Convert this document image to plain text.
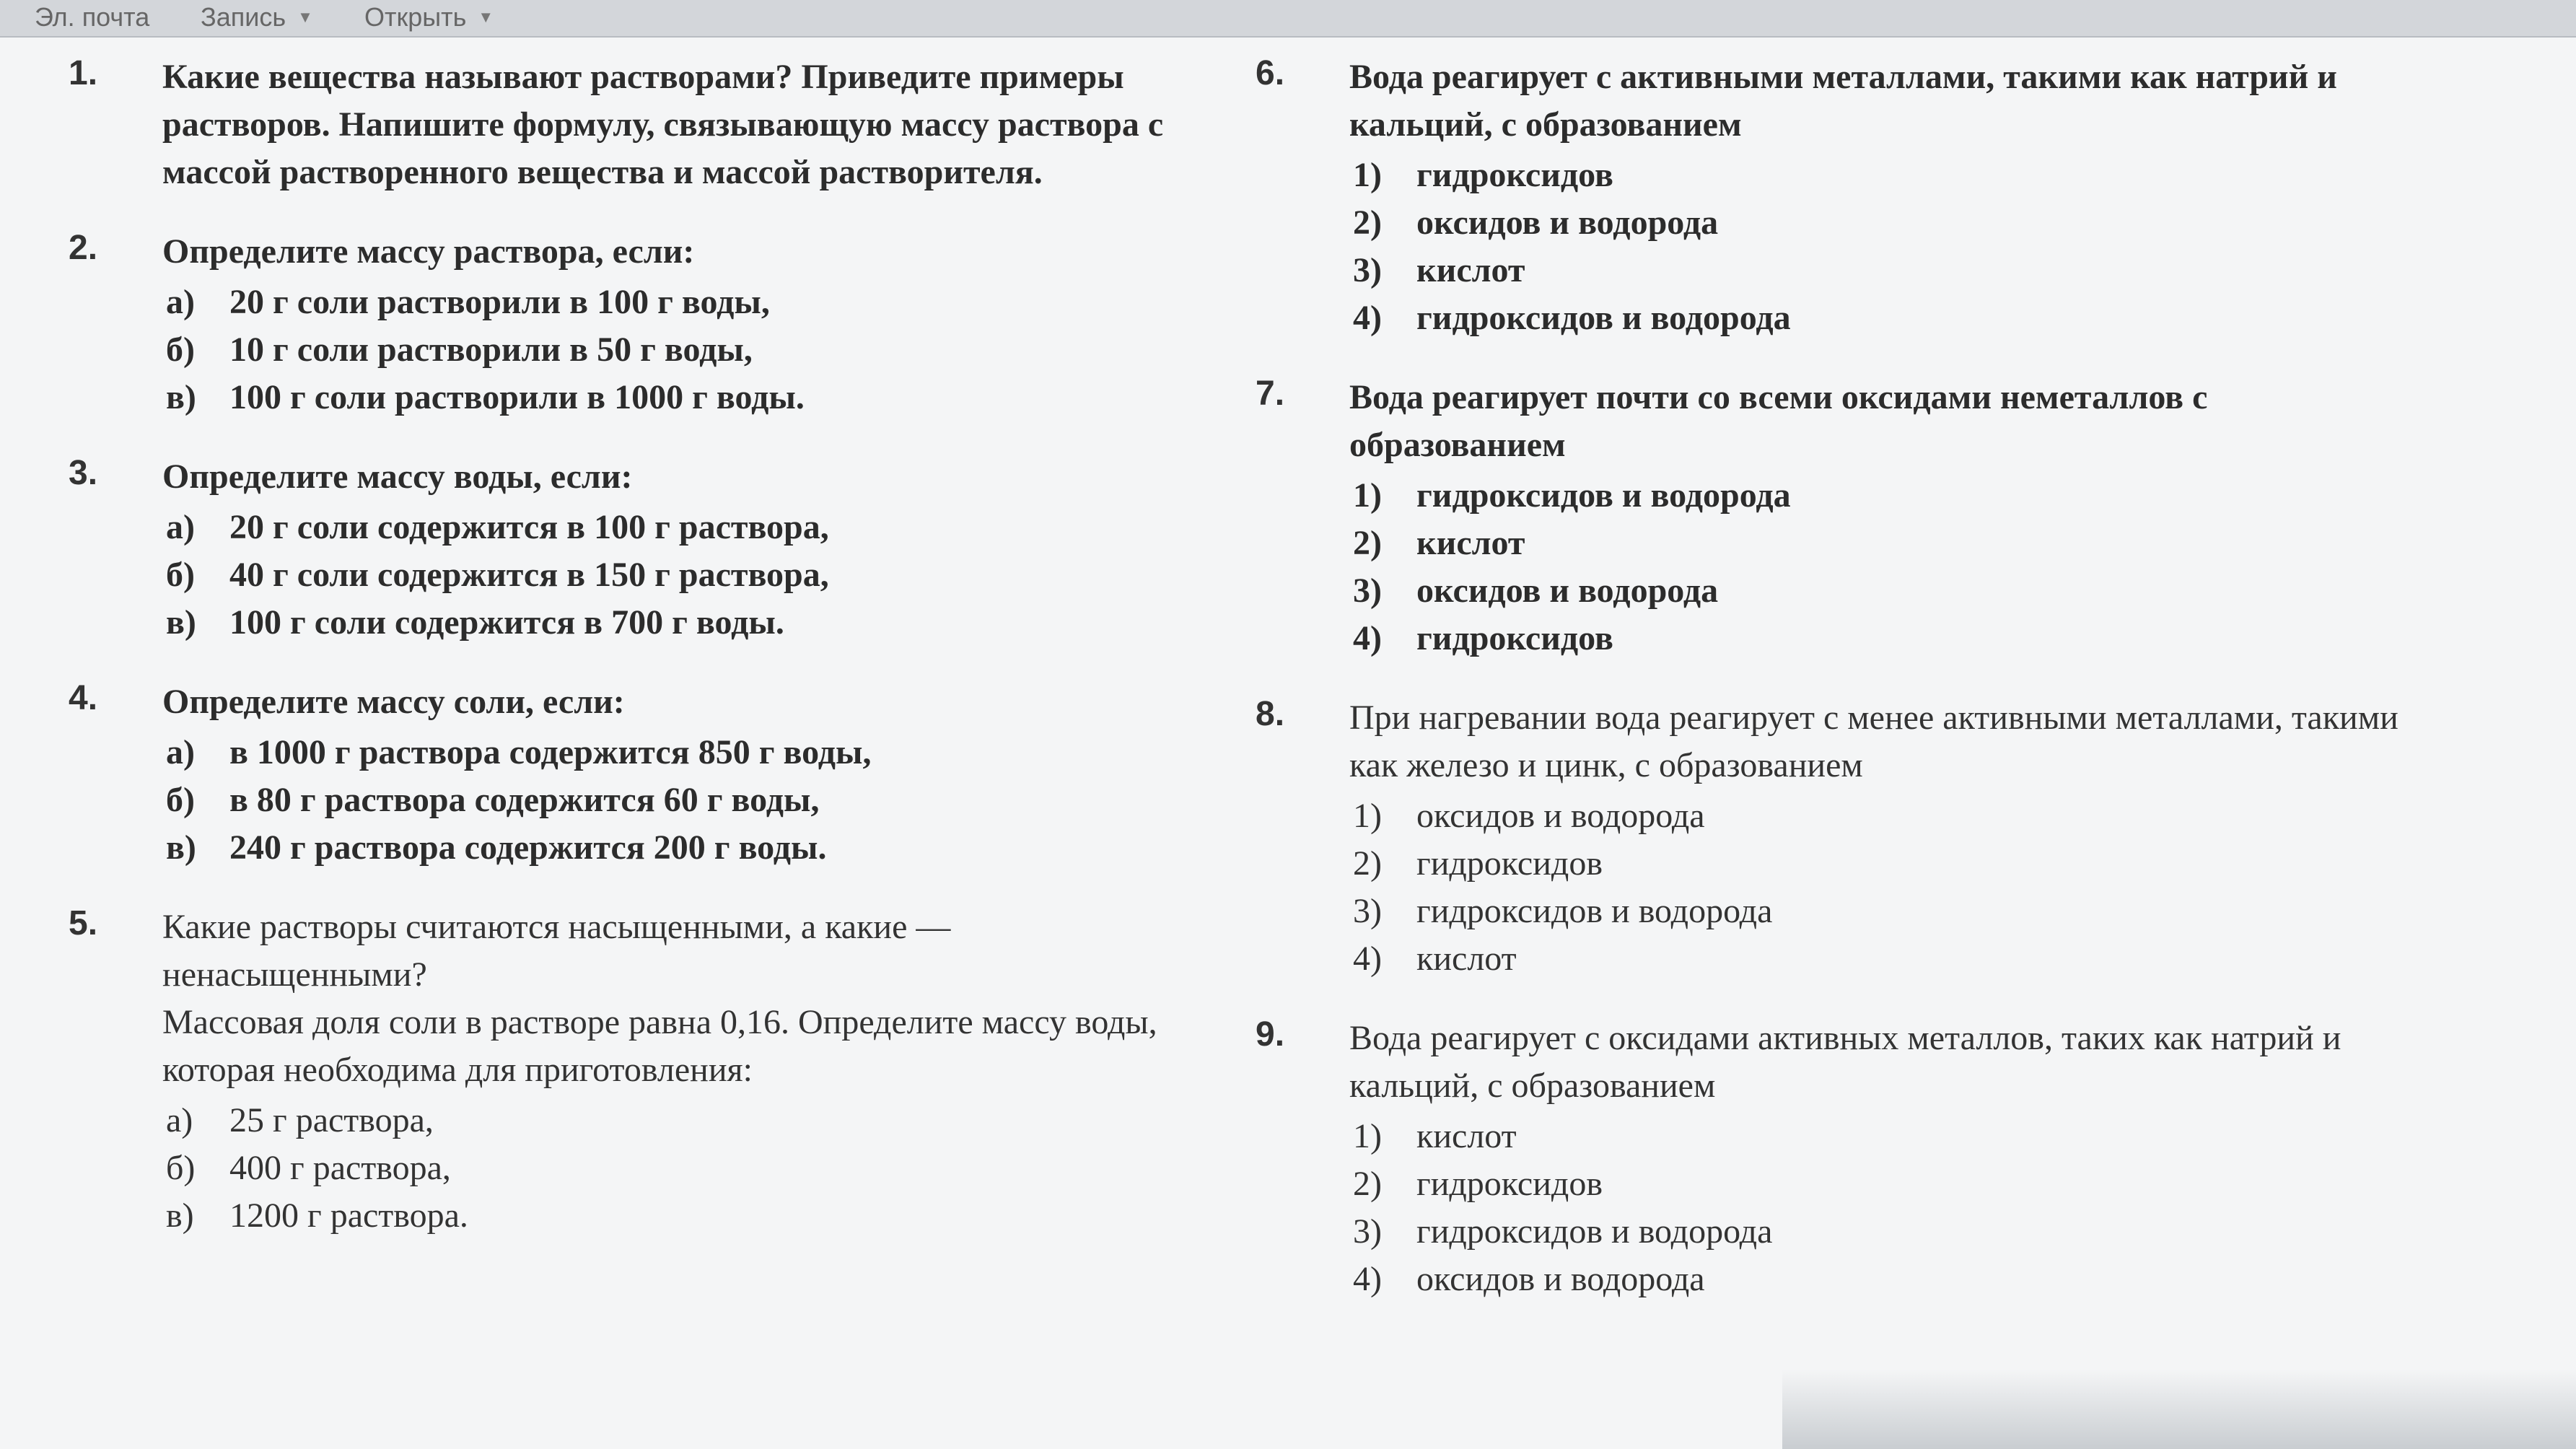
Эл. почта Запись ▼ Открыть ▼
1. Какие вещества называют растворами? Приведите примеры растворов. Напишите формулу, связывающую массу раствора с массой растворенного вещества и массой растворителя.
2. Определите массу раствора, если:
а)	20 г соли растворили в 100 г воды,
б)	10 г соли растворили в 50 г воды,
в) 100 г соли растворили в 1000 г воды.
3. Определите массу воды, если:
а)	20 г соли содержится в 100 г раствора,
б)	40 г соли содержится в 150 г раствора,
в) 100 г соли содержится в 700 г воды.
4. Определите массу соли, если:
а)	в 1000 г раствора содержится 850 г воды,
б)	в 80 г раствора содержится 60 г воды,
в) 240 г раствора содержится 200 г воды.
5. Какие растворы считаются насыщенными, а какие — ненасыщенными?
Массовая доля соли в растворе равна 0,16. Определите массу воды, которая необходима для приготовления:
а)	25 г раствора,
б) 400 г раствора,
в)	1200 г раствора.
6. Вода реагирует с активными металлами, такими как натрий и кальций, с образованием
1)	гидроксидов
2)	оксидов и водорода
3)	кислот
4)	гидроксидов и водорода
7. Вода реагирует почти со всеми оксидами неметаллов с образованием
1)	гидроксидов и водорода
2)	кислот
3)	оксидов и водорода
4)	гидроксидов
8. При нагревании вода реагирует с менее активными металлами, такими как железо и цинк, с образованием
1)	оксидов и водорода
2)	гидроксидов
3)	гидроксидов и водорода
4)	кислот
9. Вода реагирует с оксидами активных металлов, таких как натрий и кальций, с образованием
1)	кислот
2)	гидроксидов
3)	гидроксидов и водорода
4)	оксидов и водорода
